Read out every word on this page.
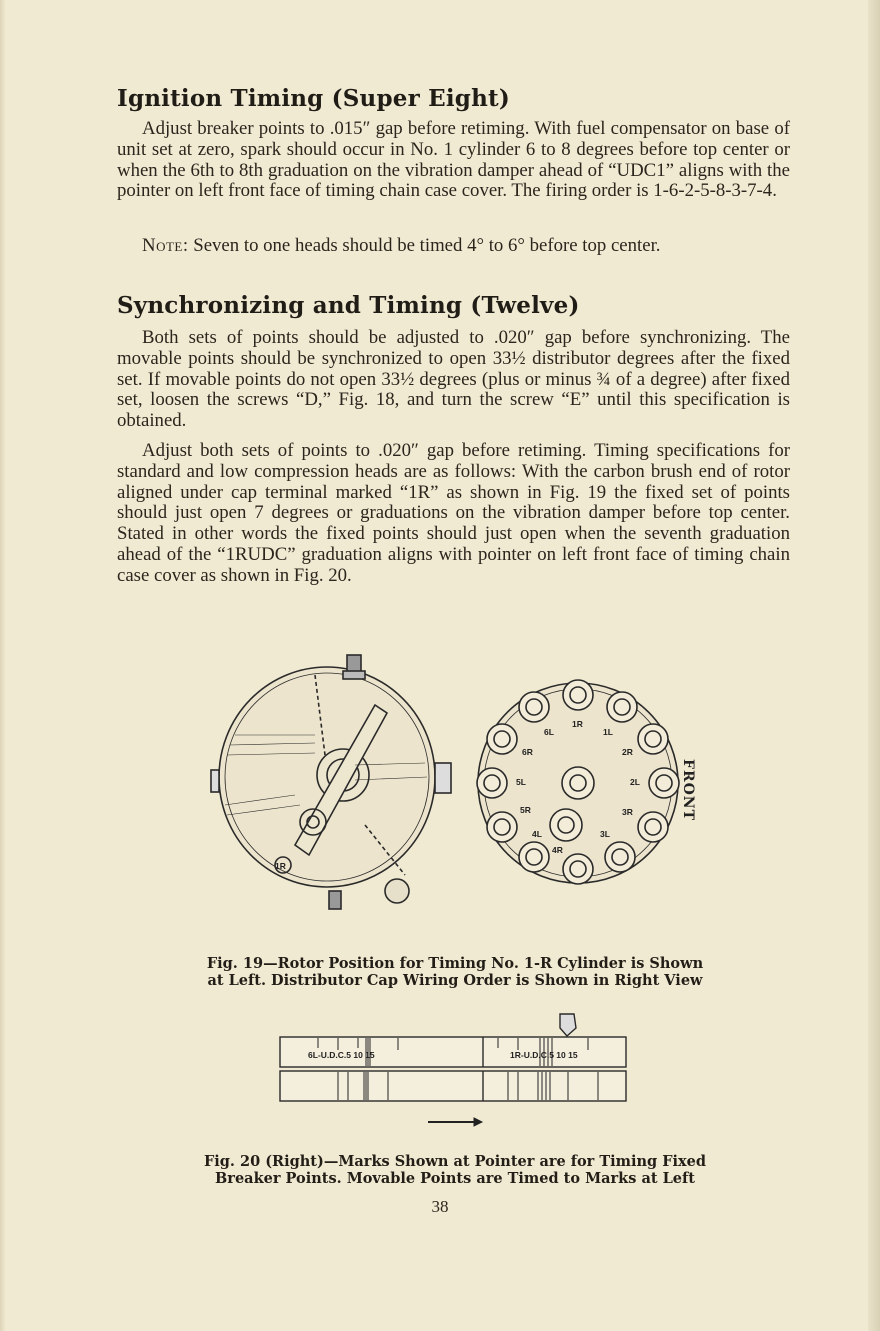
Ignition Timing (Super Eight)

Adjust breaker points to .015″ gap before retiming. With fuel compensator on base of unit set at zero, spark should occur in No. 1 cylinder 6 to 8 degrees before top center or when the 6th to 8th graduation on the vibration damper ahead of “UDC1” aligns with the pointer on left front face of timing chain case cover. The firing order is 1-6-2-5-8-3-7-4.

Note: Seven to one heads should be timed 4° to 6° before top center.

Synchronizing and Timing (Twelve)

Both sets of points should be adjusted to .020″ gap before synchronizing. The movable points should be synchronized to open 33½ distributor degrees after the fixed set. If movable points do not open 33½ degrees (plus or minus ¾ of a degree) after fixed set, loosen the screws “D,” Fig. 18, and turn the screw “E” until this specification is obtained.

Adjust both sets of points to .020″ gap before retiming. Timing specifications for standard and low compression heads are as follows: With the carbon brush end of rotor aligned under cap terminal marked “1R” as shown in Fig. 19 the fixed set of points should just open 7 degrees or graduations on the vibration damper before top center. Stated in other words the fixed points should just open when the seventh graduation ahead of the “1RUDC” graduation aligns with pointer on left front face of timing chain case cover as shown in Fig. 20.

1R
1R
1L
2R
2L
3R
3L
4R
4L
5R
5L
6R
6L
FRONT

Fig. 19—Rotor Position for Timing No. 1-R Cylinder is Shown
at Left. Distributor Cap Wiring Order is Shown in Right View

6L-U.D.C.5 10 15	1R-U.D.C.5 10 15

Fig. 20 (Right)—Marks Shown at Pointer are for Timing Fixed
Breaker Points. Movable Points are Timed to Marks at Left

38
